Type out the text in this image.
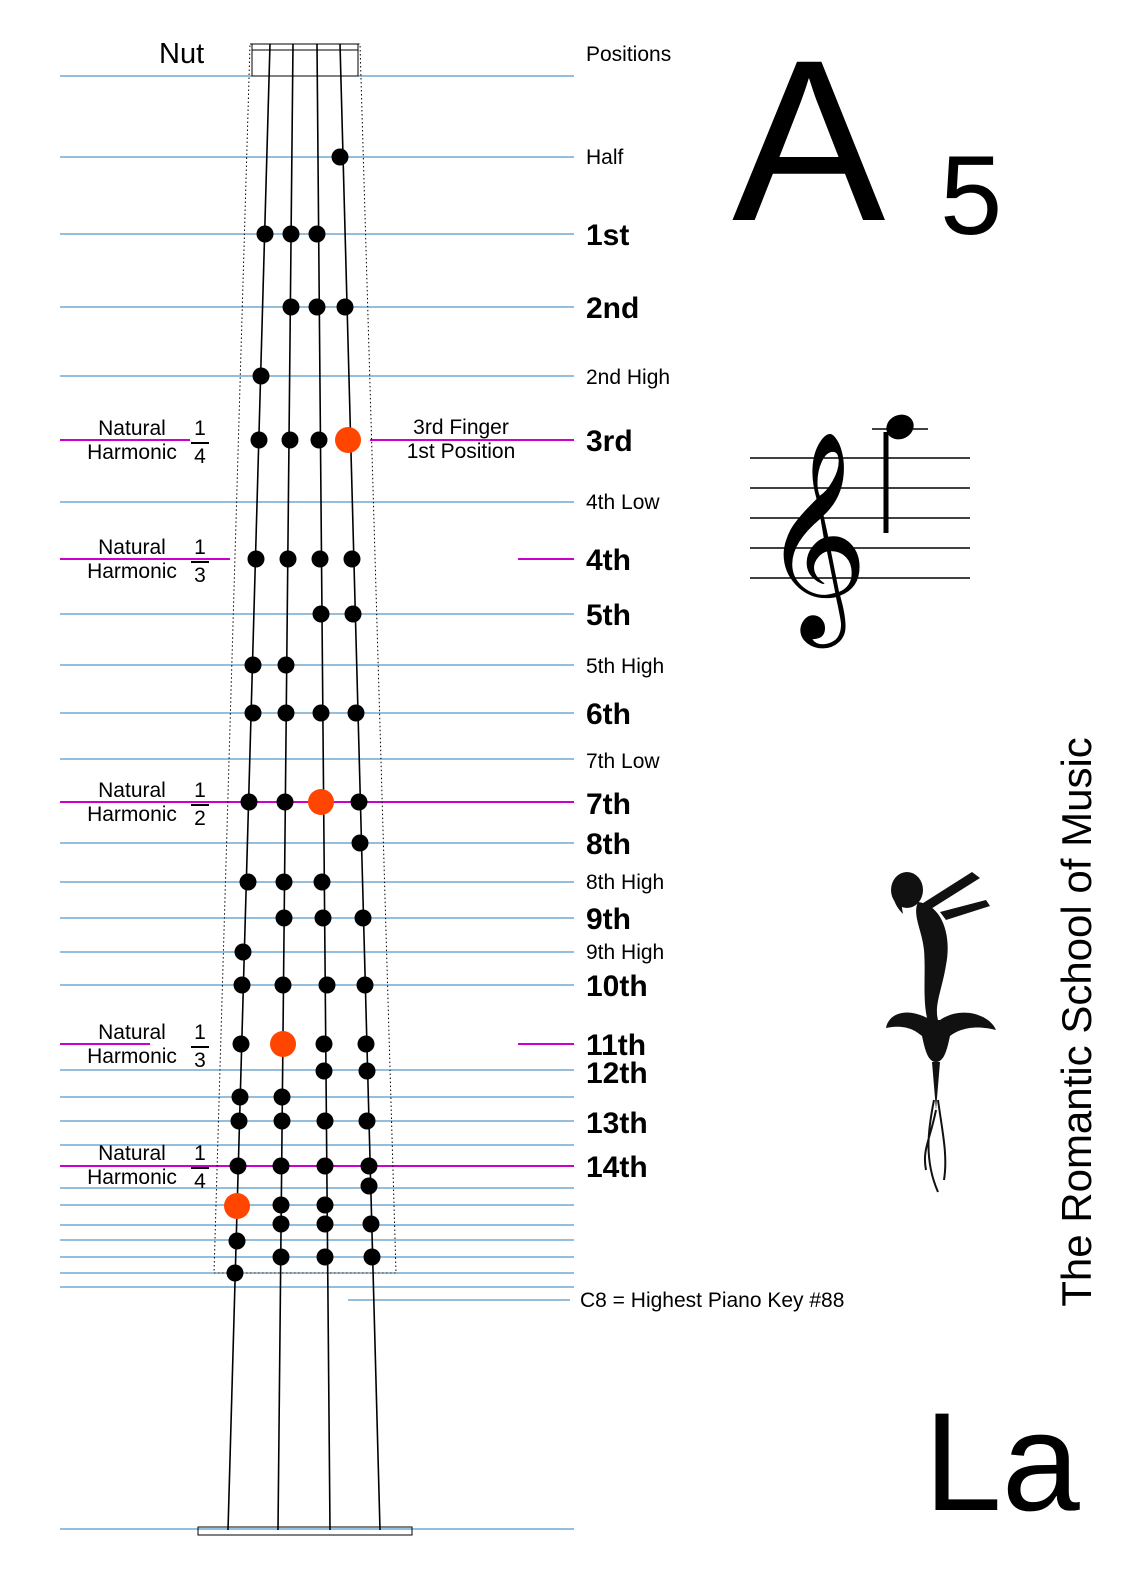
𝄞
Nut	Positions
Half
1st
2nd
2nd High
3rd
4th Low
4th
5th
5th High
6th
7th Low
7th
8th
8th High
9th
9th High
10th
11th
12th
13th
14th
Natural
Harmonic
1
4
Natural
Harmonic
1
3
Natural
Harmonic
1
2
Natural
Harmonic
1
3
Natural
Harmonic
1
4
3rd Finger
1st Position
C8 = Highest Piano Key #88
A 5
La
The Romantic School of Music
